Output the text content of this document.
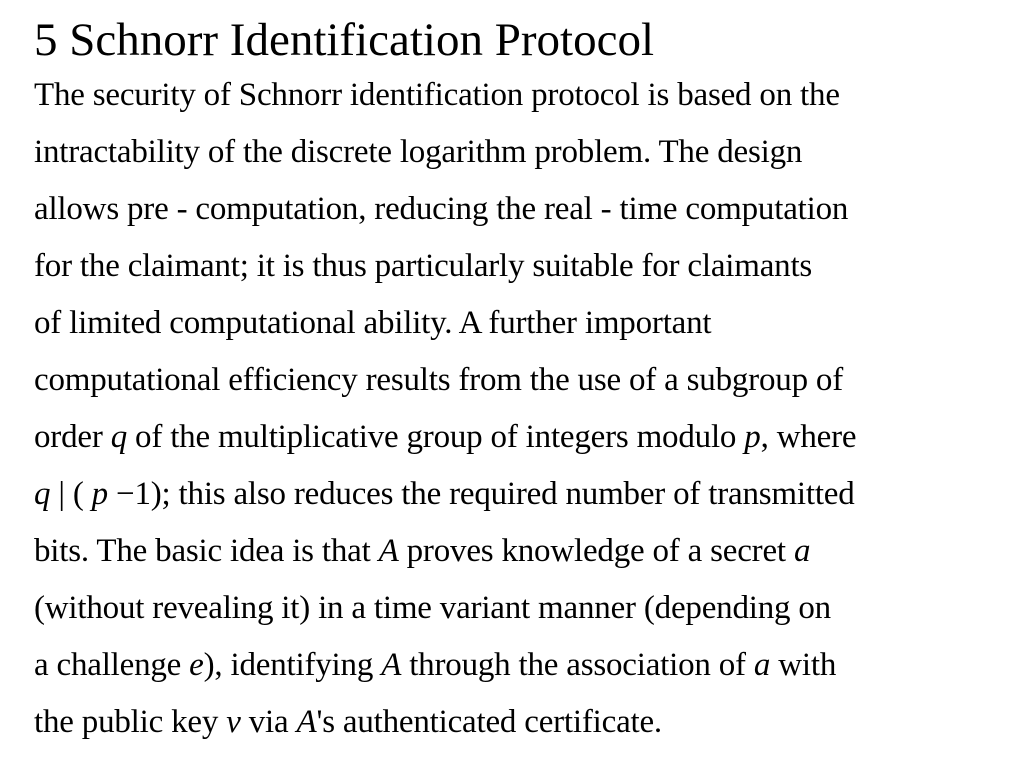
5 Schnorr Identification Protocol
The security of Schnorr identification protocol is based on the
intractability of the discrete logarithm problem. The design
allows pre - computation, reducing the real - time computation
for the claimant; it is thus particularly suitable for claimants
of limited computational ability. A further important
computational efficiency results from the use of a subgroup of
order q of the multiplicative group of integers modulo p, where
q | ( p −1); this also reduces the required number of transmitted
bits. The basic idea is that A proves knowledge of a secret a
(without revealing it) in a time variant manner (depending on
a challenge e), identifying A through the association of a with
the public key v via A's authenticated certificate.
